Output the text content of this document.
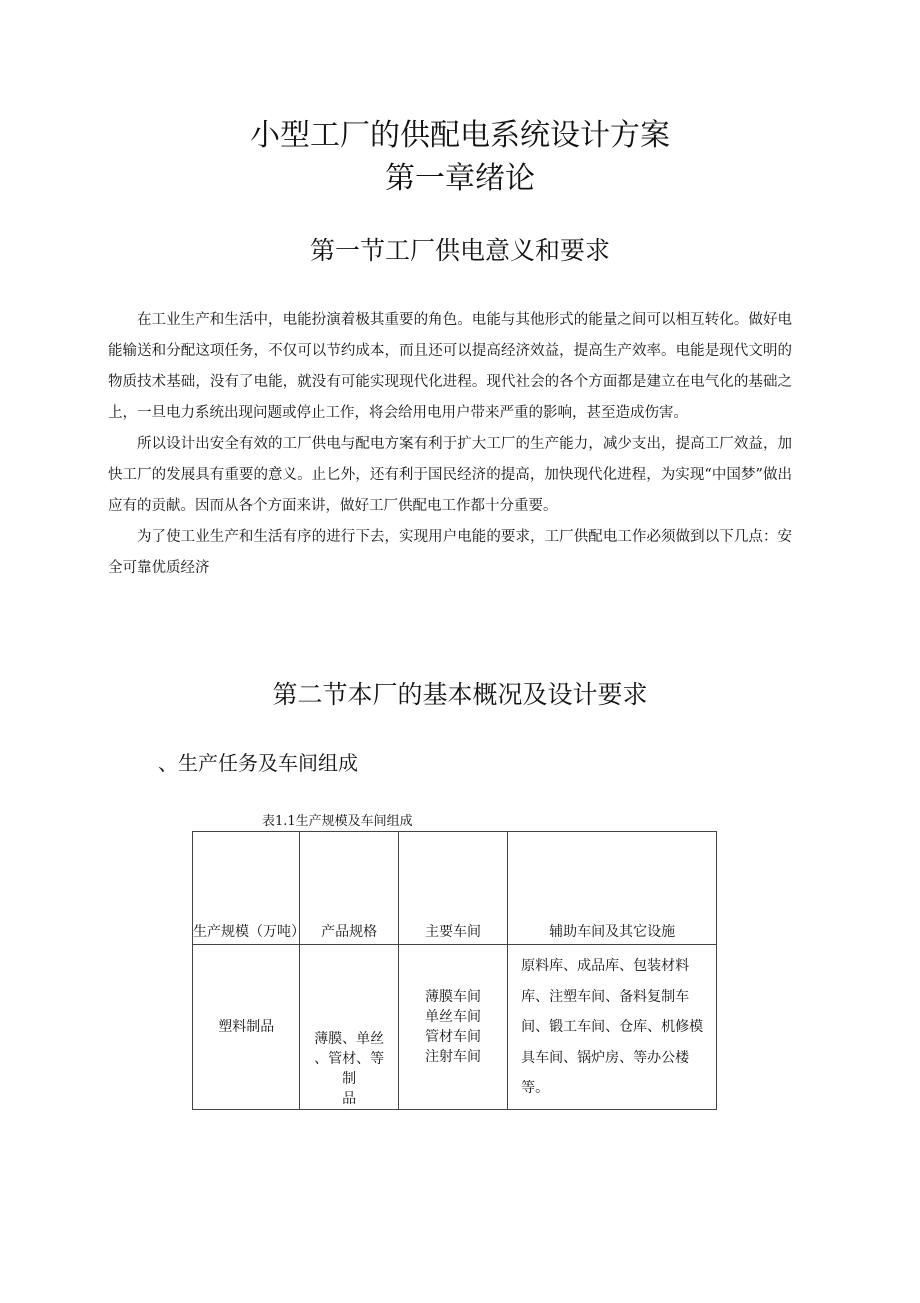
小型工厂的供配电系统设计方案
第一章绪论
第一节工厂供电意义和要求

在工业生产和生活中，电能扮演着极其重要的角色。电能与其他形式的能量之间可以相互转化。做好电能输送和分配这项任务，不仅可以节约成本，而且还可以提高经济效益，提高生产效率。电能是现代文明的物质技术基础，没有了电能，就没有可能实现现代化进程。现代社会的各个方面都是建立在电气化的基础之上，一旦电力系统出现问题或停止工作，将会给用电用户带来严重的影响，甚至造成伤害。

所以设计出安全有效的工厂供电与配电方案有利于扩大工厂的生产能力，减少支出，提高工厂效益，加快工厂的发展具有重要的意义。止匕外，还有利于国民经济的提高，加快现代化进程，为实现“中国梦”做出应有的贡献。因而从各个方面来讲，做好工厂供配电工作都十分重要。

为了使工业生产和生活有序的进行下去，实现用户电能的要求，工厂供配电工作必须做到以下几点：安全可靠优质经济

第二节本厂的基本概况及设计要求
、生产任务及车间组成
表1.1生产规模及车间组成
生产规模（万吨）	产品规格	主要车间	辅助车间及其它设施
塑料制品	薄膜、单丝
、管材、等
制
品	薄膜车间
单丝车间
管材车间
注射车间	原料库、成品库、包装材料库、注塑车间、备料复制车间、锻工车间、仓库、机修模具车间、锅炉房、等办公楼等。
